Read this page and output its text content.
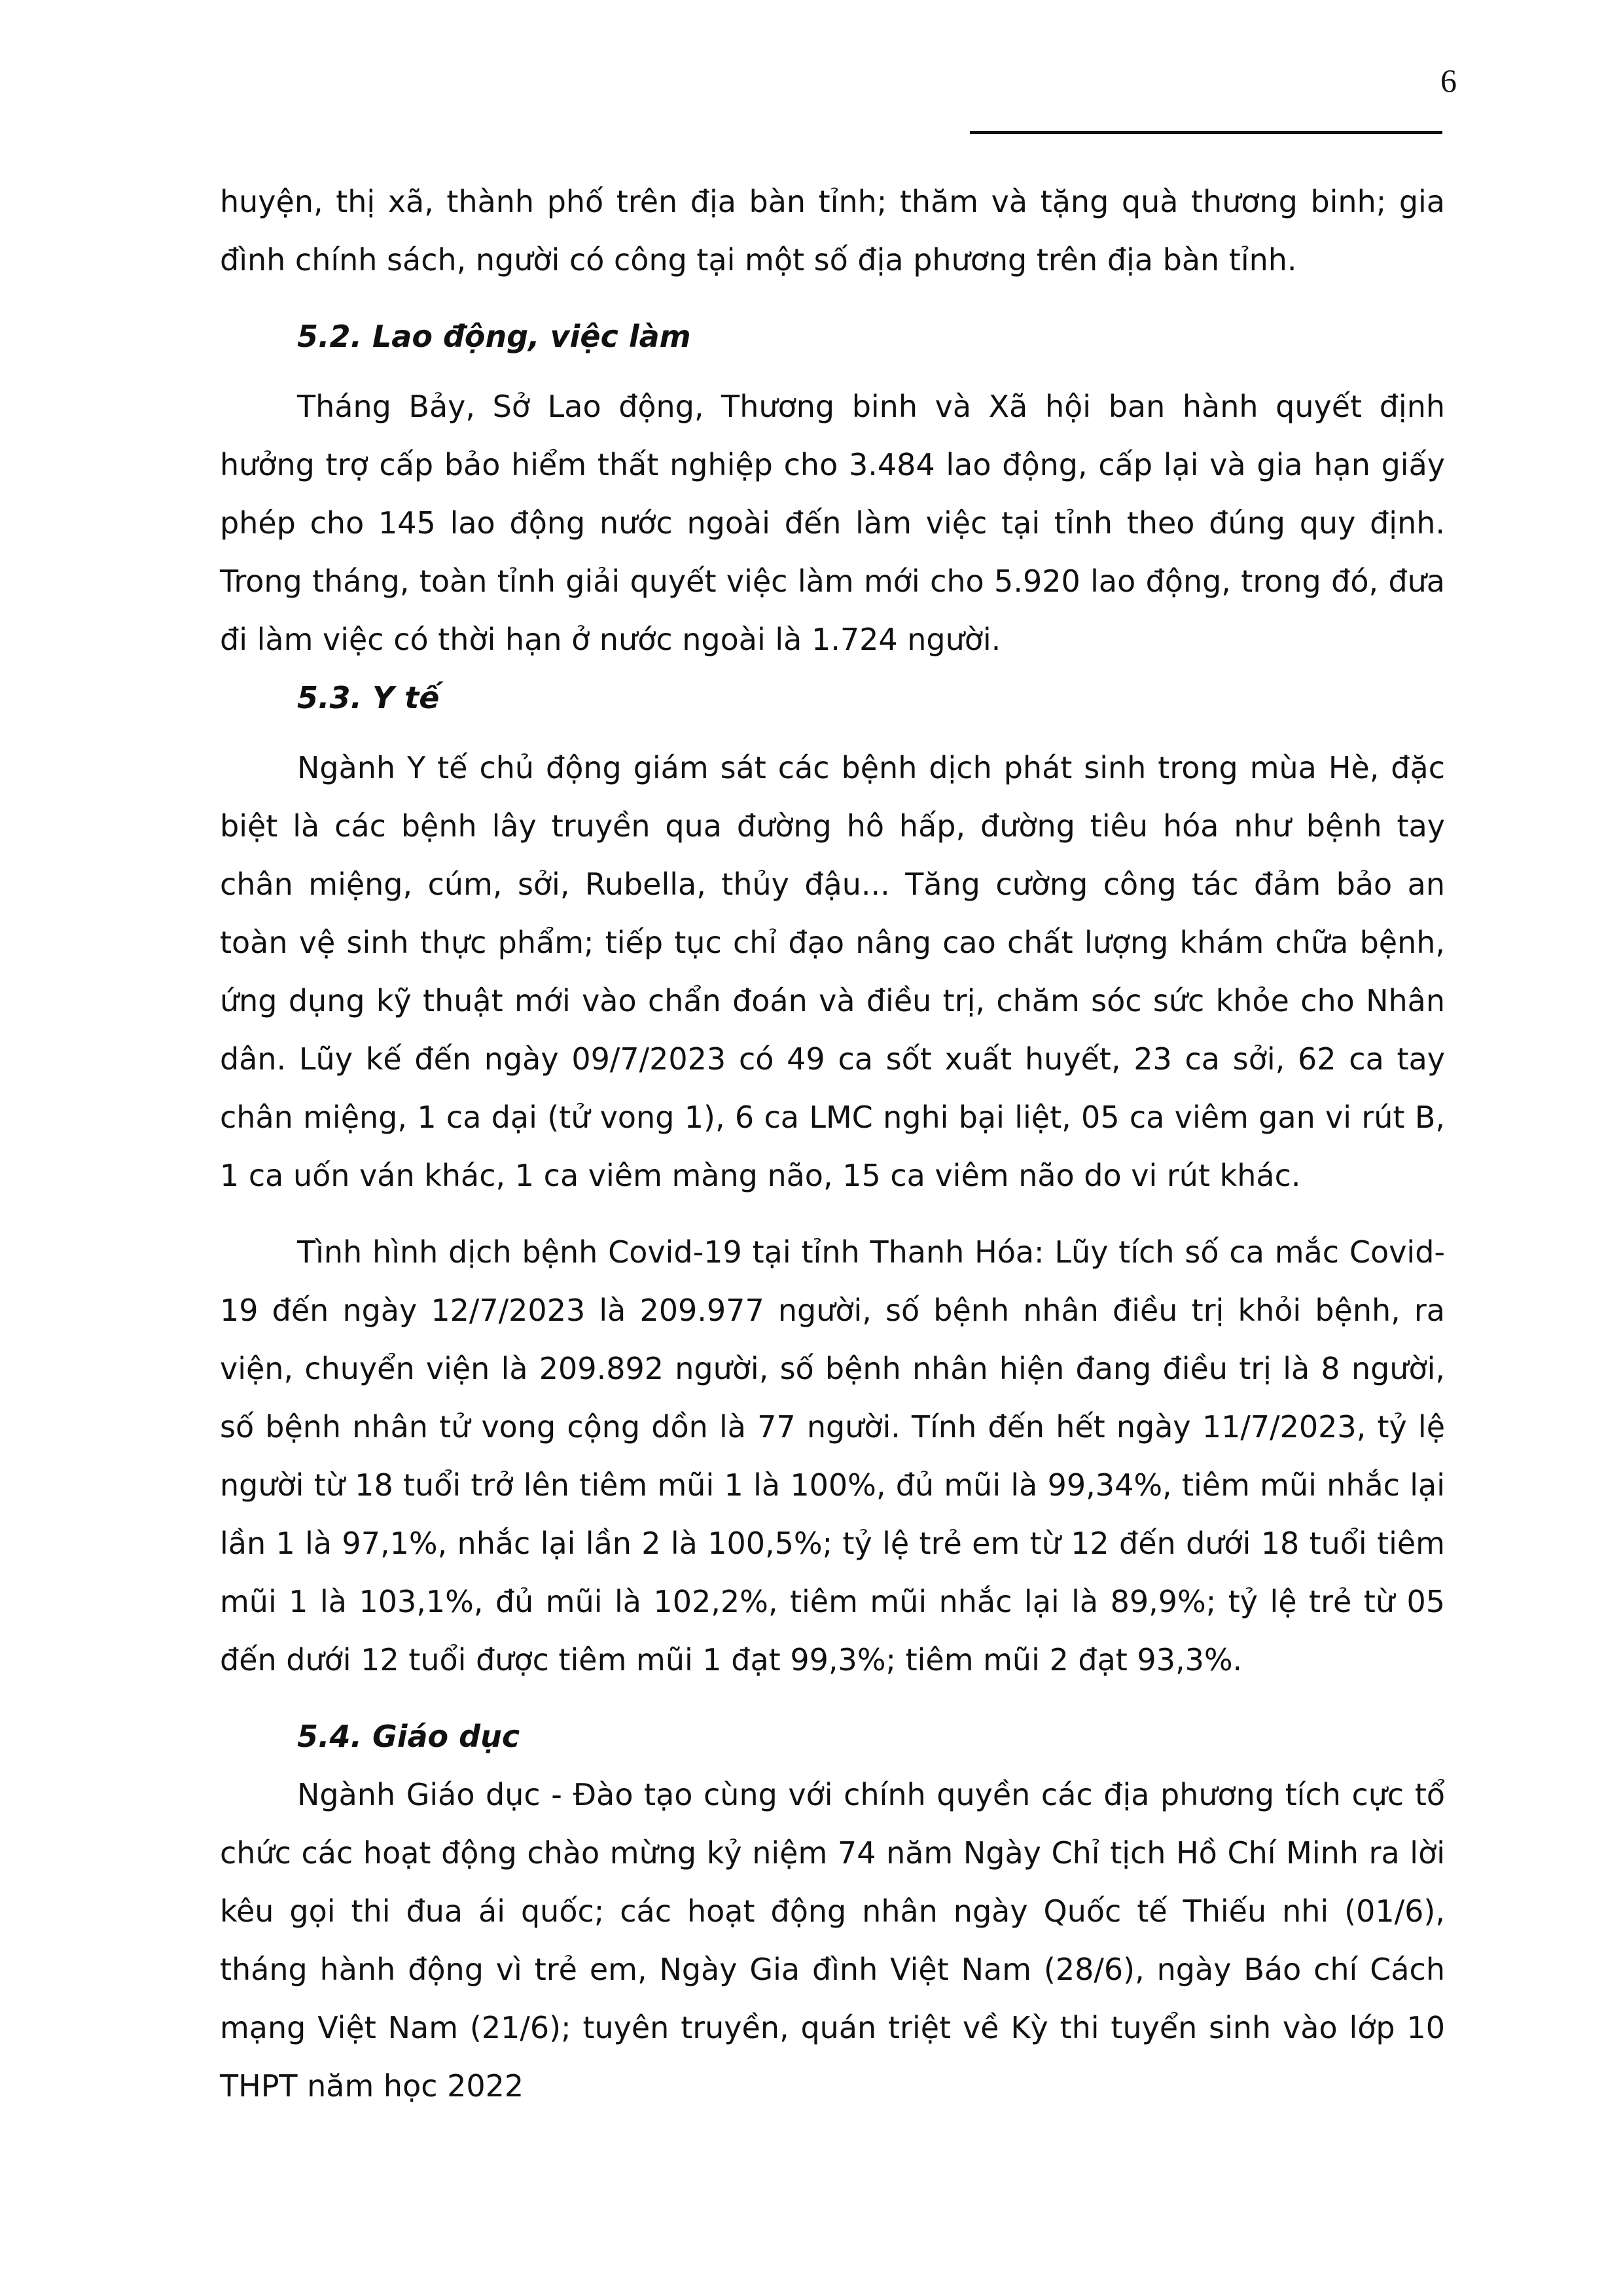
6

huyện, thị xã, thành phố trên địa bàn tỉnh; thăm và tặng quà thương binh; gia đình chính sách, người có công tại một số địa phương trên địa bàn tỉnh.

5.2. Lao động, việc làm

Tháng Bảy, Sở Lao động, Thương binh và Xã hội ban hành quyết định hưởng trợ cấp bảo hiểm thất nghiệp cho 3.484 lao động, cấp lại và gia hạn giấy phép cho 145 lao động nước ngoài đến làm việc tại tỉnh theo đúng quy định. Trong tháng, toàn tỉnh giải quyết việc làm mới cho 5.920 lao động, trong đó, đưa đi làm việc có thời hạn ở nước ngoài là 1.724 người.

5.3. Y tế

Ngành Y tế chủ động giám sát các bệnh dịch phát sinh trong mùa Hè, đặc biệt là các bệnh lây truyền qua đường hô hấp, đường tiêu hóa như bệnh tay chân miệng, cúm, sởi, Rubella, thủy đậu... Tăng cường công tác đảm bảo an toàn vệ sinh thực phẩm; tiếp tục chỉ đạo nâng cao chất lượng khám chữa bệnh, ứng dụng kỹ thuật mới vào chẩn đoán và điều trị, chăm sóc sức khỏe cho Nhân dân. Lũy kế đến ngày 09/7/2023 có 49 ca sốt xuất huyết, 23 ca sởi, 62 ca tay chân miệng, 1 ca dại (tử vong 1), 6 ca LMC nghi bại liệt, 05 ca viêm gan vi rút B, 1 ca uốn ván khác, 1 ca viêm màng não, 15 ca viêm não do vi rút khác.

Tình hình dịch bệnh Covid-19 tại tỉnh Thanh Hóa: Lũy tích số ca mắc Covid-19 đến ngày 12/7/2023 là 209.977 người, số bệnh nhân điều trị khỏi bệnh, ra viện, chuyển viện là 209.892 người, số bệnh nhân hiện đang điều trị là 8 người, số bệnh nhân tử vong cộng dồn là 77 người. Tính đến hết ngày 11/7/2023, tỷ lệ người từ 18 tuổi trở lên tiêm mũi 1 là 100%, đủ mũi là 99,34%, tiêm mũi nhắc lại lần 1 là 97,1%, nhắc lại lần 2 là 100,5%; tỷ lệ trẻ em từ 12 đến dưới 18 tuổi tiêm mũi 1 là 103,1%, đủ mũi là 102,2%, tiêm mũi nhắc lại là 89,9%; tỷ lệ trẻ từ 05 đến dưới 12 tuổi được tiêm mũi 1 đạt 99,3%; tiêm mũi 2 đạt 93,3%.

5.4. Giáo dục

Ngành Giáo dục - Đào tạo cùng với chính quyền các địa phương tích cực tổ chức các hoạt động chào mừng kỷ niệm 74 năm Ngày Chỉ tịch Hồ Chí Minh ra lời kêu gọi thi đua ái quốc; các hoạt động nhân ngày Quốc tế Thiếu nhi (01/6), tháng hành động vì trẻ em, Ngày Gia đình Việt Nam (28/6), ngày Báo chí Cách mạng Việt Nam (21/6); tuyên truyền, quán triệt về Kỳ thi tuyển sinh vào lớp 10 THPT năm học 2022
